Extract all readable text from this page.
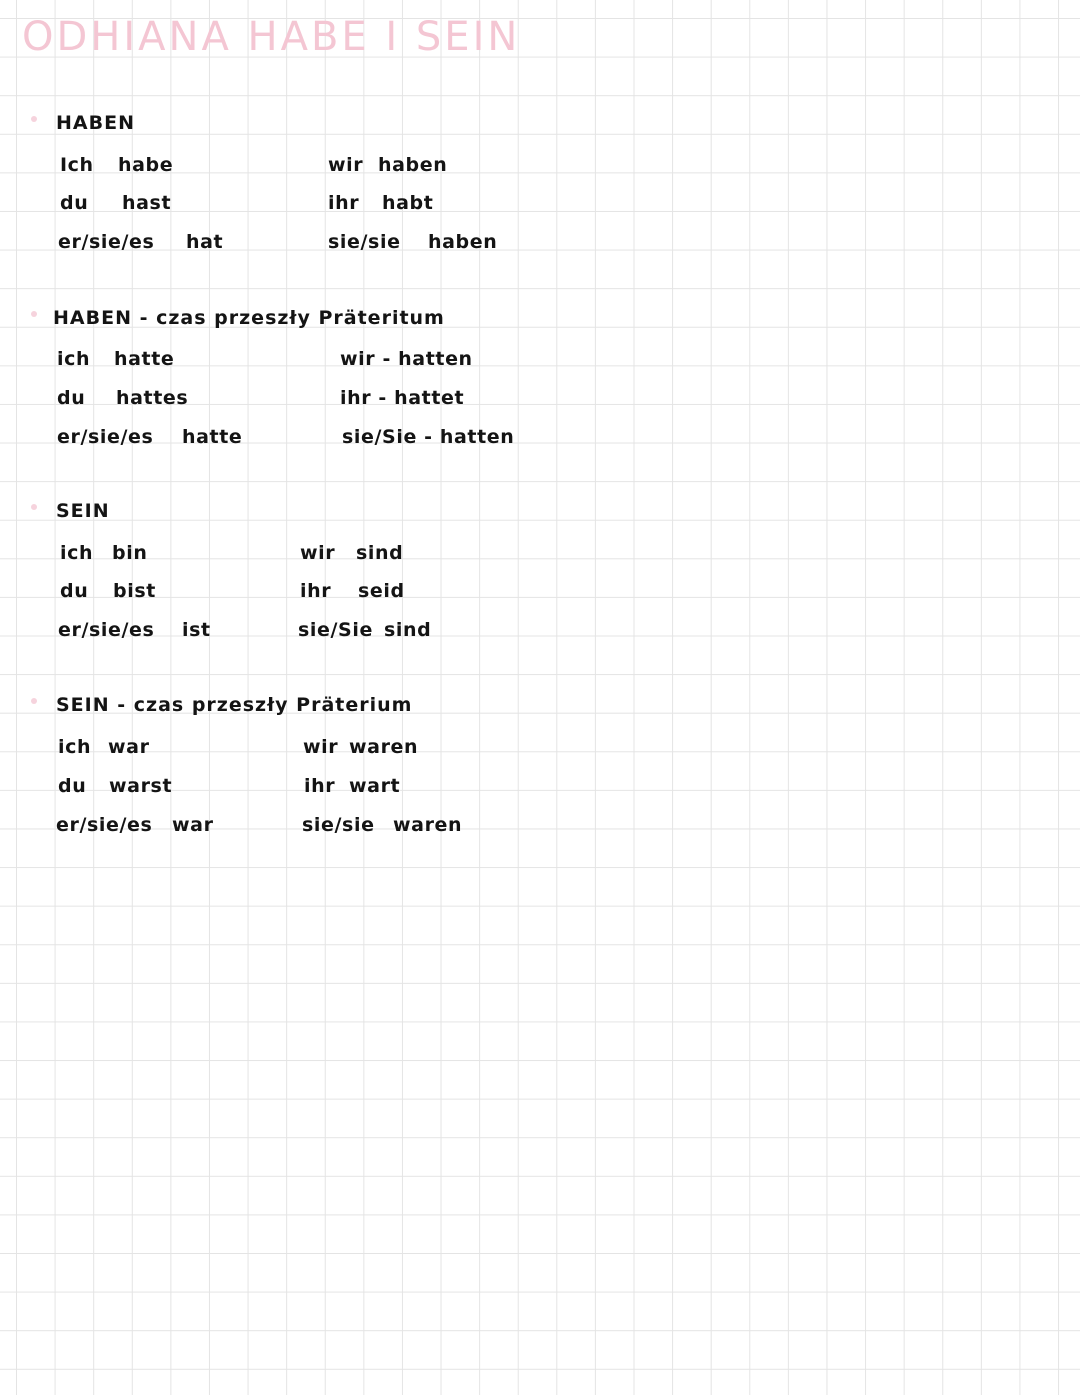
ODHIANA HABE I SEIN
HABEN
Ich habe	wir haben
du hast	ihr habt
er/sie/es hat	sie/sie haben
HABEN - czas przeszły Präteritum
ich hatte	wir - hatten
du hattes	ihr - hattet
er/sie/es hatte	sie/Sie - hatten
SEIN
ich bin	wir sind
du bist	ihr seid
er/sie/es ist	sie/Sie sind
SEIN - czas przeszły Präterium
ich war	wir waren
du warst	ihr wart
er/sie/es war	sie/sie waren
